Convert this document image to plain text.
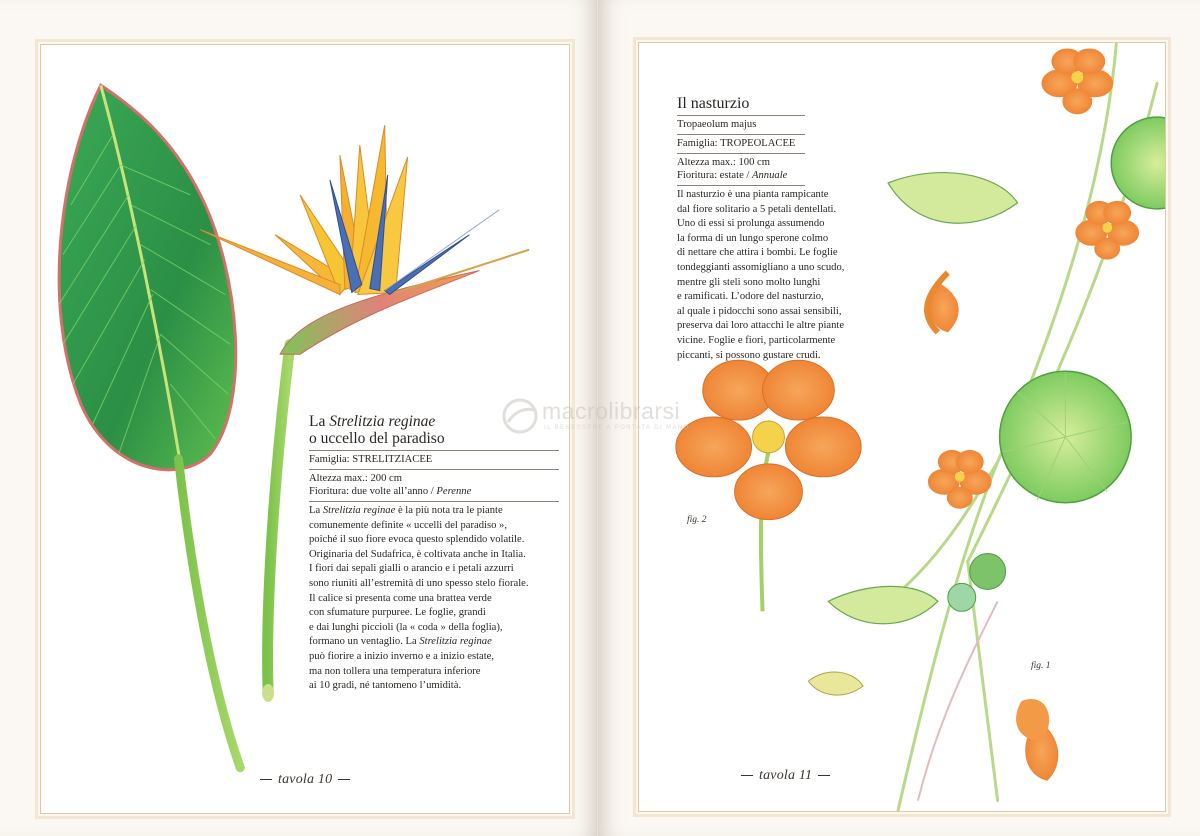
La Strelitzia reginae
o uccello del paradiso
Famiglia: STRELITZIACEE
Altezza max.: 200 cm
Fioritura: due volte all’anno / Perenne
La Strelitzia reginae è la più nota tra le piante
comunemente definite « uccelli del paradiso »,
poiché il suo fiore evoca questo splendido volatile.
Originaria del Sudafrica, è coltivata anche in Italia.
I fiori dai sepali gialli o arancio e i petali azzurri
sono riuniti all’estremità di uno spesso stelo fiorale.
Il calice si presenta come una brattea verde
con sfumature purpuree. Le foglie, grandi
e dai lunghi piccioli (la « coda » della foglia),
formano un ventaglio. La Strelitzia reginae
può fiorire a inizio inverno e a inizio estate,
ma non tollera una temperatura inferiore
ai 10 gradi, né tantomeno l’umidità.
tavola 10
Il nasturzio
Tropaeolum majus
Famiglia: TROPEOLACEE
Altezza max.: 100 cm
Fioritura: estate / Annuale
Il nasturzio è una pianta rampicante
dal fiore solitario a 5 petali dentellati.
Uno di essi si prolunga assumendo
la forma di un lungo sperone colmo
di nettare che attira i bombi. Le foglie
tondeggianti assomigliano a uno scudo,
mentre gli steli sono molto lunghi
e ramificati. L’odore del nasturzio,
al quale i pidocchi sono assai sensibili,
preserva dai loro attacchi le altre piante
vicine. Foglie e fiori, particolarmente
piccanti, si possono gustare crudi.
fig. 2
fig. 1
tavola 11
macrolibrarsi
IL BENESSERE A PORTATA DI MANO
